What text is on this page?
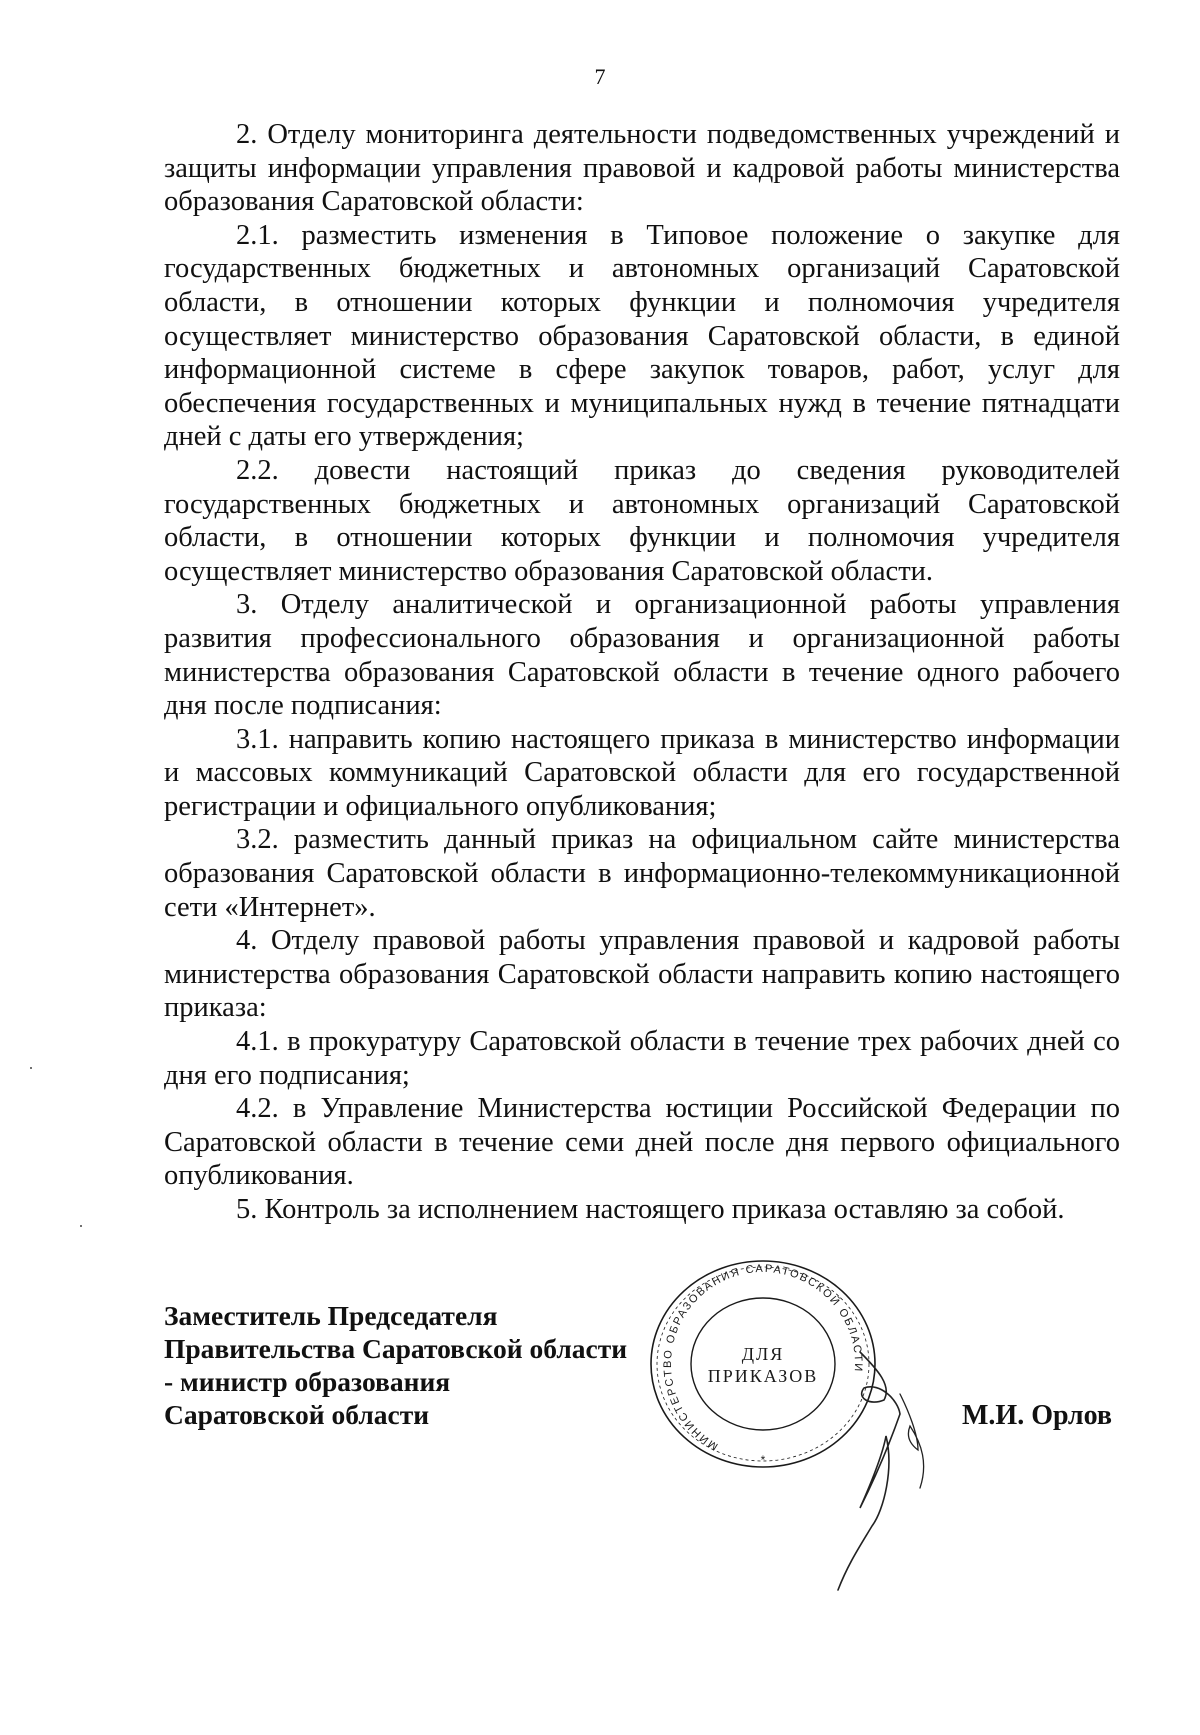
7

2. Отделу мониторинга деятельности подведомственных учреждений и защиты информации управления правовой и кадровой работы министерства образования Саратовской области:

2.1. разместить изменения в Типовое положение о закупке для государственных бюджетных и автономных организаций Саратовской области, в отношении которых функции и полномочия учредителя осуществляет министерство образования Саратовской области, в единой информационной системе в сфере закупок товаров, работ, услуг для обеспечения государственных и муниципальных нужд в течение пятнадцати дней с даты его утверждения;

2.2. довести настоящий приказ до сведения руководителей государственных бюджетных и автономных организаций Саратовской области, в отношении которых функции и полномочия учредителя осуществляет министерство образования Саратовской области.

3. Отделу аналитической и организационной работы управления развития профессионального образования и организационной работы министерства образования Саратовской области в течение одного рабочего дня после подписания:

3.1. направить копию настоящего приказа в министерство информации и массовых коммуникаций Саратовской области для его государственной регистрации и официального опубликования;

3.2. разместить данный приказ на официальном сайте министерства образования Саратовской области в информационно-телекоммуникационной сети «Интернет».

4. Отделу правовой работы управления правовой и кадровой работы министерства образования Саратовской области направить копию настоящего приказа:

4.1. в прокуратуру Саратовской области в течение трех рабочих дней со дня его подписания;

4.2. в Управление Министерства юстиции Российской Федерации по Саратовской области в течение семи дней после дня первого официального опубликования.

5. Контроль за исполнением настоящего приказа оставляю за собой.

Заместитель Председателя
Правительства Саратовской области
- министр образования
Саратовской области
МИНИСТЕРСТВО ОБРАЗОВАНИЯ САРАТОВСКОЙ ОБЛАСТИ
ДЛЯ
ПРИКАЗОВ
*
М.И. Орлов
